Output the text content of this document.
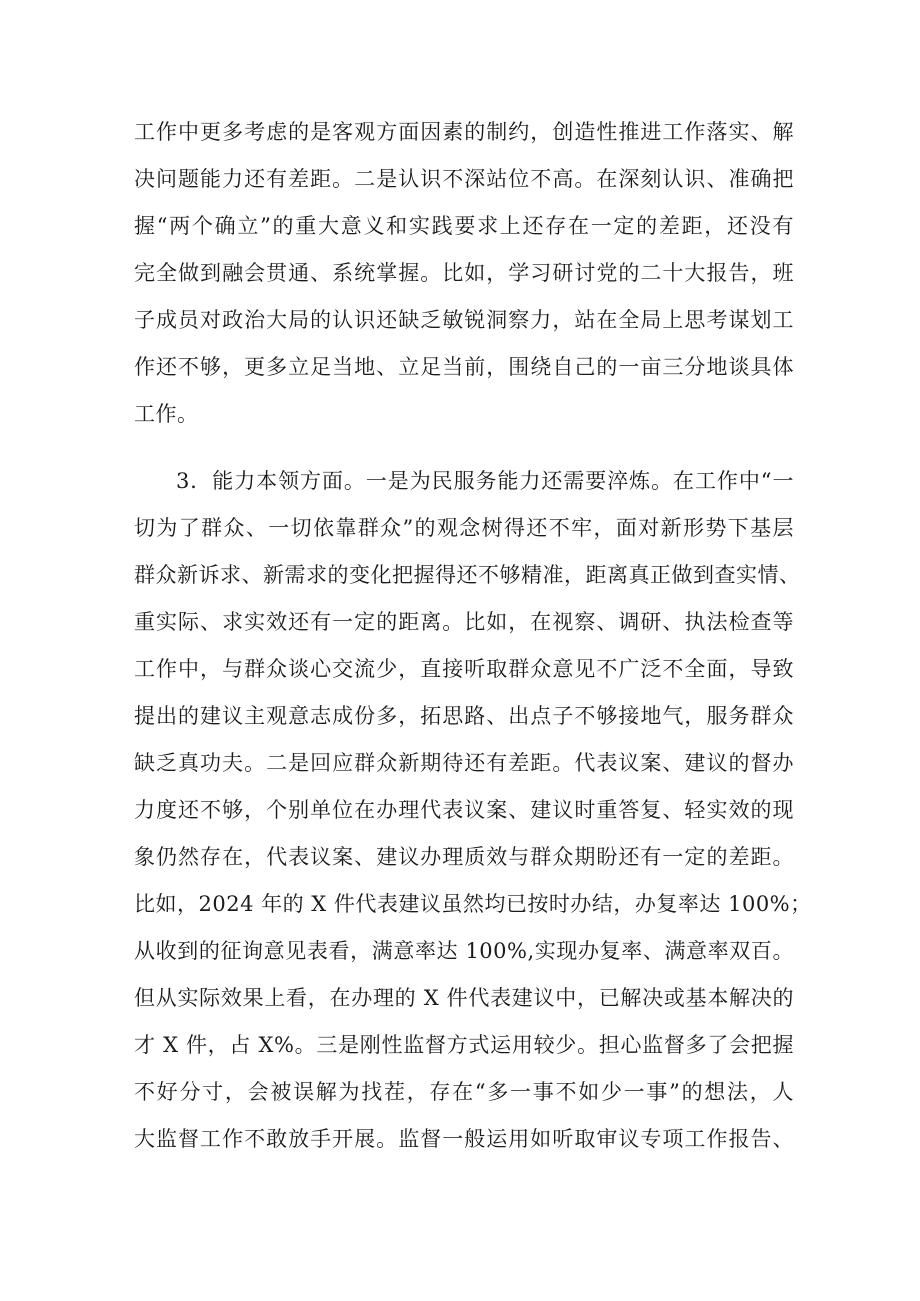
工作中更多考虑的是客观方面因素的制约，创造性推进工作落实、解
决问题能力还有差距。二是认识不深站位不高。在深刻认识、准确把
握“两个确立”的重大意义和实践要求上还存在一定的差距，还没有
完全做到融会贯通、系统掌握。比如，学习研讨党的二十大报告，班
子成员对政治大局的认识还缺乏敏锐洞察力，站在全局上思考谋划工
作还不够，更多立足当地、立足当前，围绕自己的一亩三分地谈具体
工作。
3．能力本领方面。一是为民服务能力还需要淬炼。在工作中“一
切为了群众、一切依靠群众”的观念树得还不牢，面对新形势下基层
群众新诉求、新需求的变化把握得还不够精准，距离真正做到查实情、
重实际、求实效还有一定的距离。比如，在视察、调研、执法检查等
工作中，与群众谈心交流少，直接听取群众意见不广泛不全面，导致
提出的建议主观意志成份多，拓思路、出点子不够接地气，服务群众
缺乏真功夫。二是回应群众新期待还有差距。代表议案、建议的督办
力度还不够，个别单位在办理代表议案、建议时重答复、轻实效的现
象仍然存在，代表议案、建议办理质效与群众期盼还有一定的差距。
比如，2024 年的 X 件代表建议虽然均已按时办结，办复率达 100%；
从收到的征询意见表看，满意率达 100%,实现办复率、满意率双百。
但从实际效果上看，在办理的 X 件代表建议中，已解决或基本解决的
才 X 件，占 X%。三是刚性监督方式运用较少。担心监督多了会把握
不好分寸，会被误解为找茬，存在“多一事不如少一事”的想法，人
大监督工作不敢放手开展。监督一般运用如听取审议专项工作报告、
